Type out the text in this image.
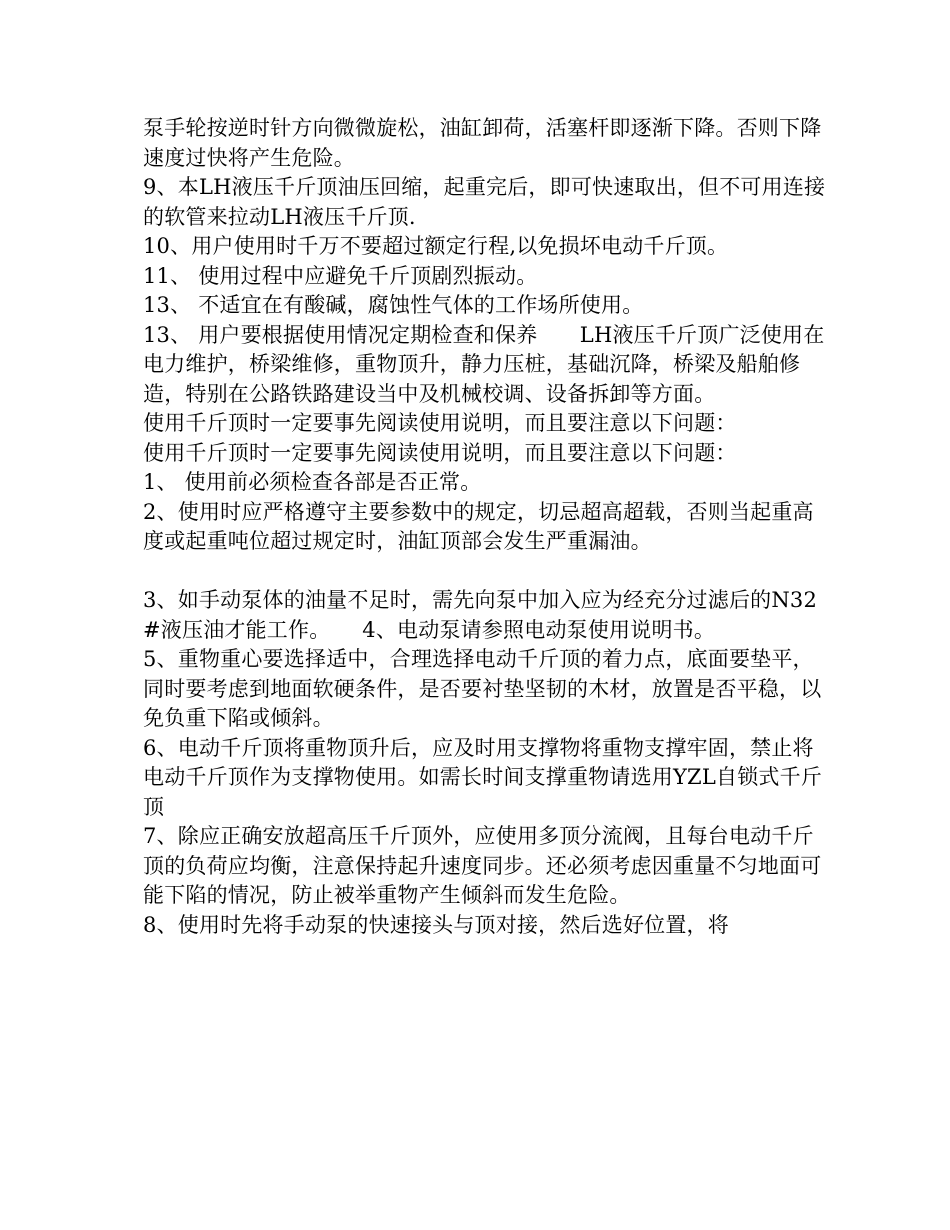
泵手轮按逆时针方向微微旋松，油缸卸荷，活塞杆即逐渐下降。否则下降速度过快将产生危险。

9、本LH液压千斤顶油压回缩，起重完后，即可快速取出，但不可用连接的软管来拉动LH液压千斤顶.

10、用户使用时千万不要超过额定行程,以免损坏电动千斤顶。

11、 使用过程中应避免千斤顶剧烈振动。

13、 不适宜在有酸碱，腐蚀性气体的工作场所使用。

13、 用户要根据使用情况定期检查和保养　　LH液压千斤顶广泛使用在电力维护，桥梁维修，重物顶升，静力压桩，基础沉降，桥梁及船舶修造，特别在公路铁路建设当中及机械校调、设备拆卸等方面。

使用千斤顶时一定要事先阅读使用说明，而且要注意以下问题：

使用千斤顶时一定要事先阅读使用说明，而且要注意以下问题：

1、 使用前必须检查各部是否正常。

2、使用时应严格遵守主要参数中的规定，切忌超高超载，否则当起重高度或起重吨位超过规定时，油缸顶部会发生严重漏油。

3、如手动泵体的油量不足时，需先向泵中加入应为经充分过滤后的N32#液压油才能工作。　　4、电动泵请参照电动泵使用说明书。

5、重物重心要选择适中，合理选择电动千斤顶的着力点，底面要垫平，同时要考虑到地面软硬条件，是否要衬垫坚韧的木材，放置是否平稳，以免负重下陷或倾斜。

6、电动千斤顶将重物顶升后，应及时用支撑物将重物支撑牢固，禁止将电动千斤顶作为支撑物使用。如需长时间支撑重物请选用YZL自锁式千斤顶

7、除应正确安放超高压千斤顶外，应使用多顶分流阀，且每台电动千斤顶的负荷应均衡，注意保持起升速度同步。还必须考虑因重量不匀地面可能下陷的情况，防止被举重物产生倾斜而发生危险。

8、使用时先将手动泵的快速接头与顶对接，然后选好位置，将
